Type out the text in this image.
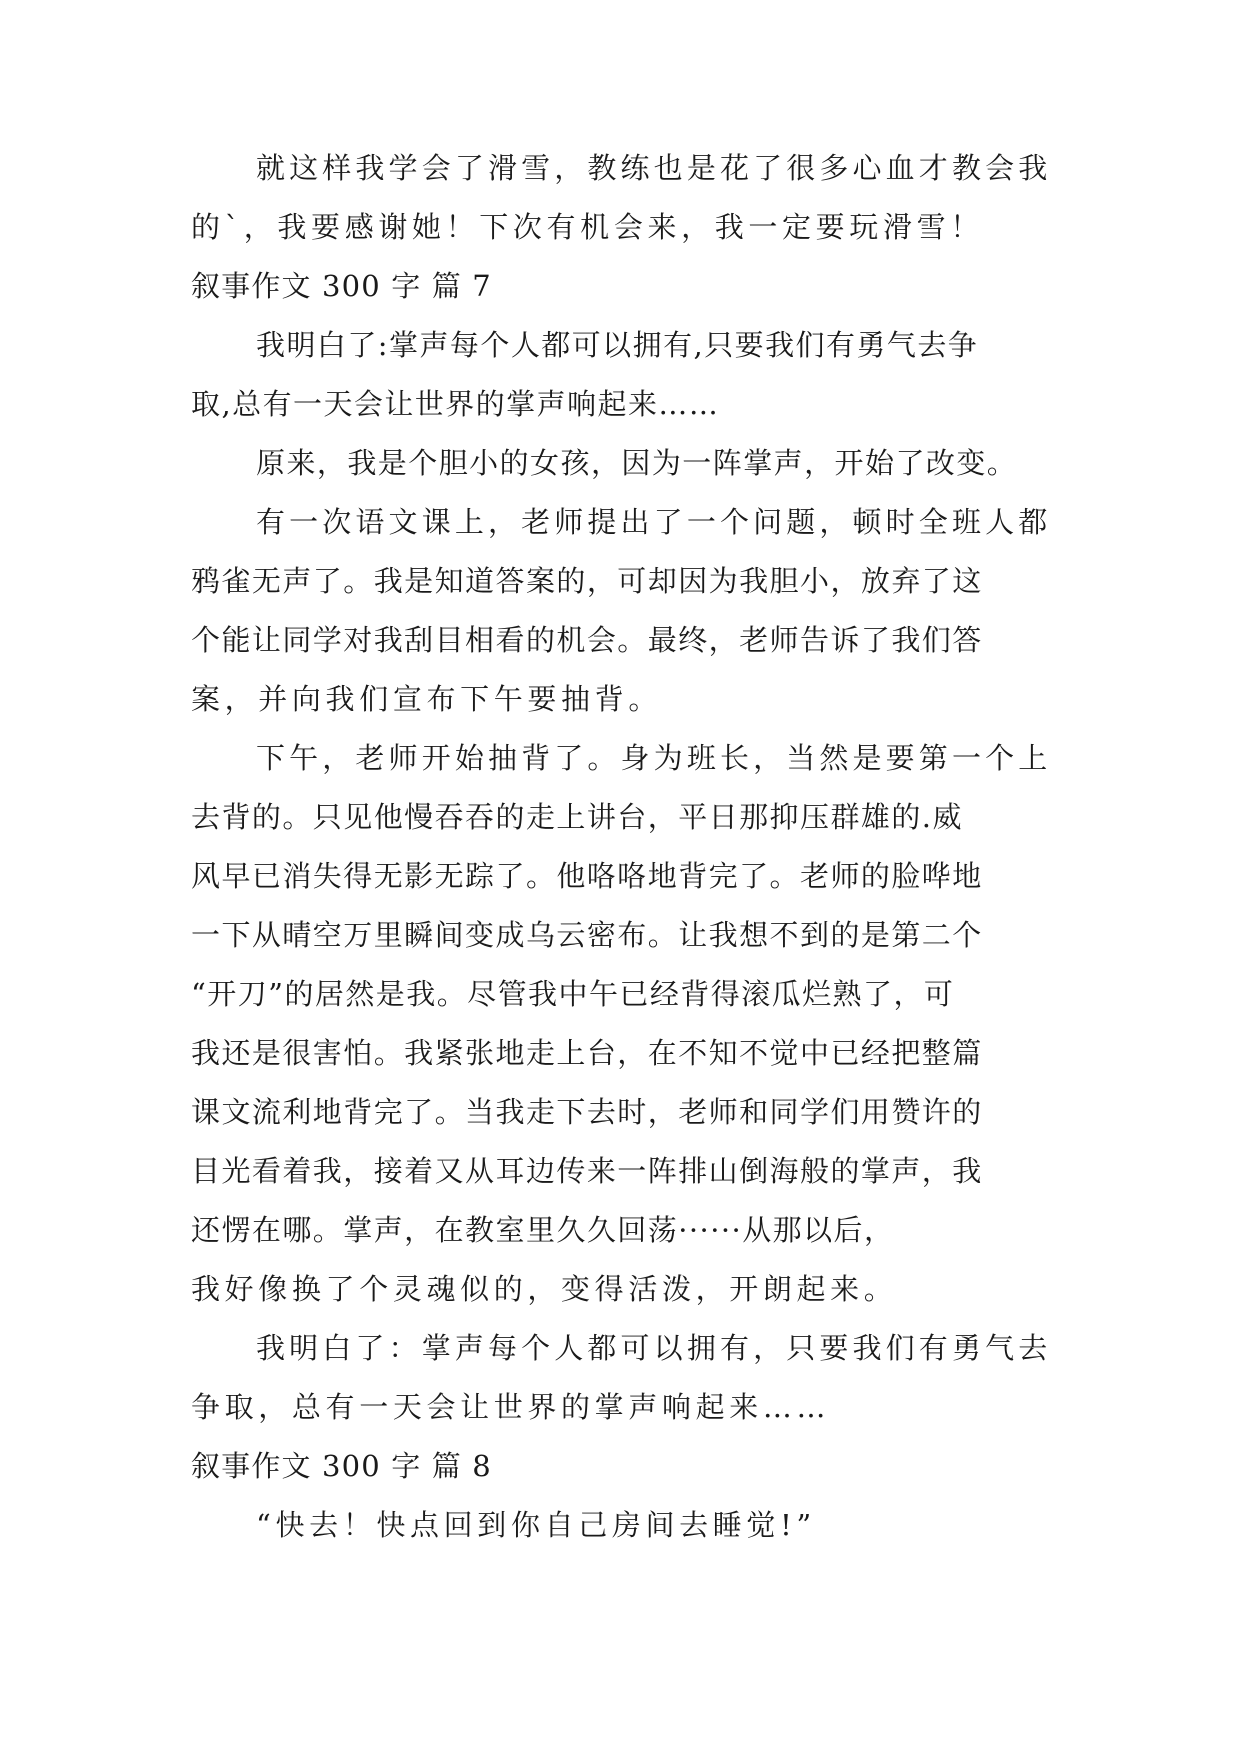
就这样我学会了滑雪，教练也是花了很多心血才教会我
的`，我要感谢她！下次有机会来，我一定要玩滑雪！
叙事作文 300 字 篇 7
我明白了:掌声每个人都可以拥有,只要我们有勇气去争
取,总有一天会让世界的掌声响起来……
原来，我是个胆小的女孩，因为一阵掌声，开始了改变。
有一次语文课上，老师提出了一个问题，顿时全班人都
鸦雀无声了。我是知道答案的，可却因为我胆小，放弃了这
个能让同学对我刮目相看的机会。最终，老师告诉了我们答
案，并向我们宣布下午要抽背。
下午，老师开始抽背了。身为班长，当然是要第一个上
去背的。只见他慢吞吞的走上讲台，平日那抑压群雄的.威
风早已消失得无影无踪了。他咯咯地背完了。老师的脸哗地
一下从晴空万里瞬间变成乌云密布。让我想不到的是第二个
“开刀”的居然是我。尽管我中午已经背得滚瓜烂熟了，可
我还是很害怕。我紧张地走上台，在不知不觉中已经把整篇
课文流利地背完了。当我走下去时，老师和同学们用赞许的
目光看着我，接着又从耳边传来一阵排山倒海般的掌声，我
还愣在哪。掌声，在教室里久久回荡······从那以后，
我好像换了个灵魂似的，变得活泼，开朗起来。
我明白了：掌声每个人都可以拥有，只要我们有勇气去
争取，总有一天会让世界的掌声响起来……
叙事作文 300 字 篇 8
“快去！快点回到你自己房间去睡觉!”
